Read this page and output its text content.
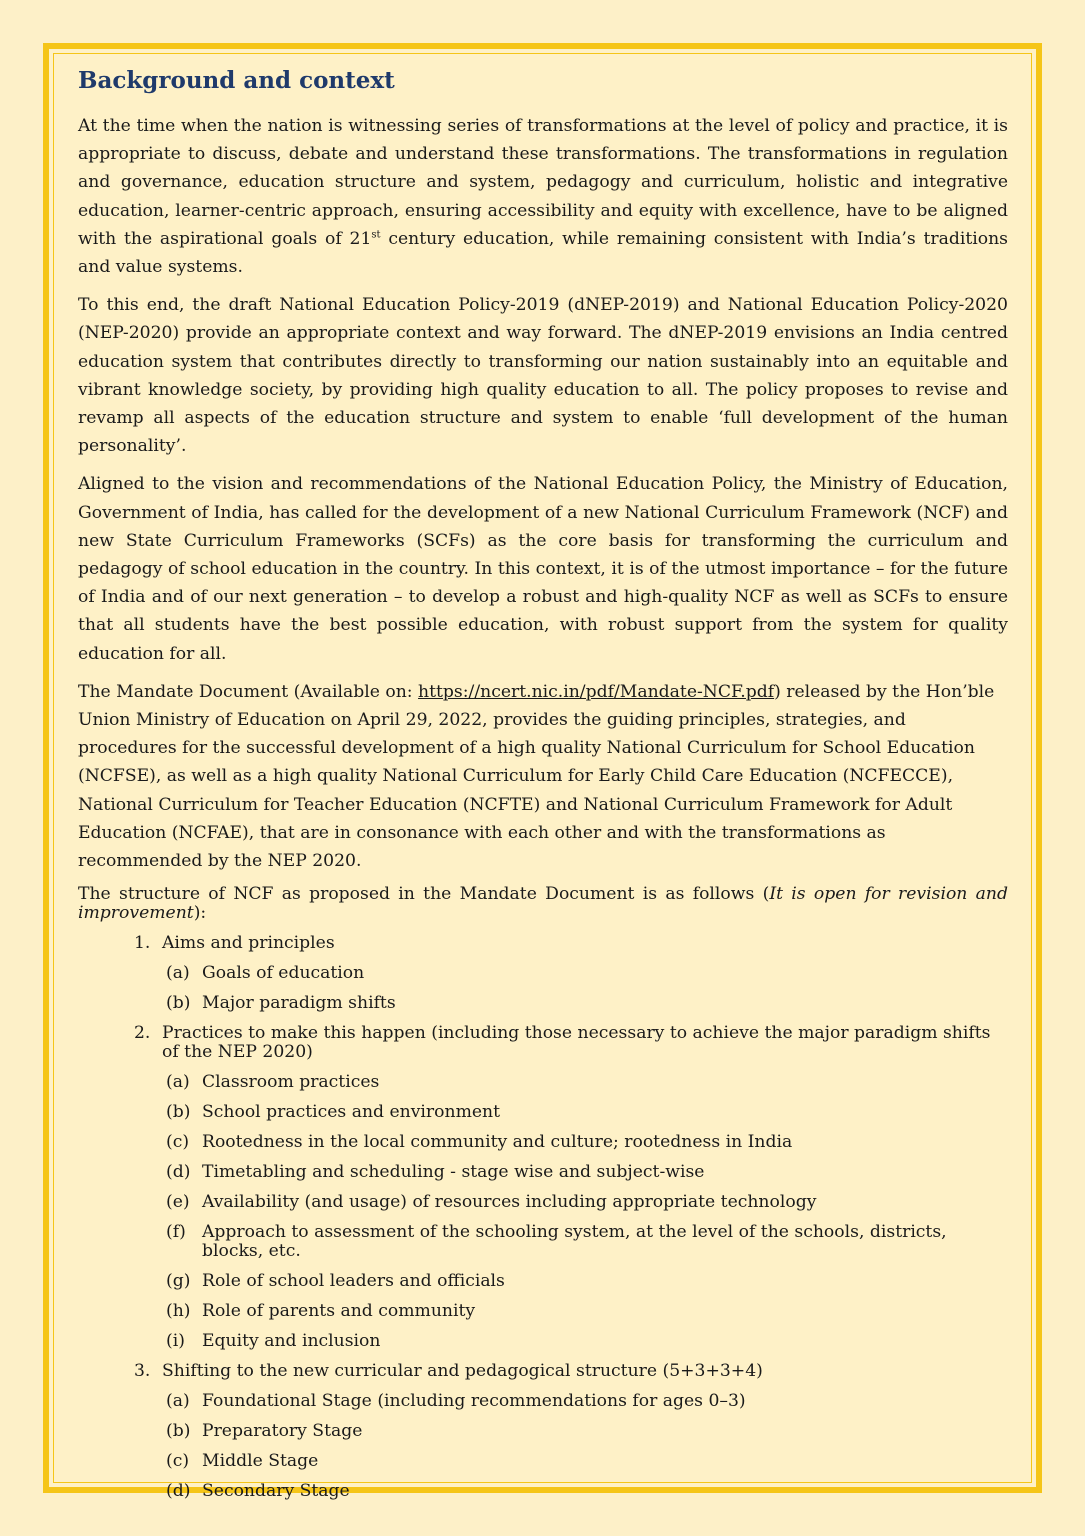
Background and context

At the time when the nation is witnessing series of transformations at the level of policy and practice, it is appropriate to discuss, debate and understand these transformations. The transformations in regulation and governance, education structure and system, pedagogy and curriculum, holistic and integrative education, learner-centric approach, ensuring accessibility and equity with excellence, have to be aligned with the aspirational goals of 21st century education, while remaining consistent with India’s traditions and value systems.

To this end, the draft National Education Policy-2019 (dNEP-2019) and National Education Policy-2020 (NEP-2020) provide an appropriate context and way forward. The dNEP-2019 envisions an India centred education system that contributes directly to transforming our nation sustainably into an equitable and vibrant knowledge society, by providing high quality education to all. The policy proposes to revise and revamp all aspects of the education structure and system to enable ‘full development of the human personality’.

Aligned to the vision and recommendations of the National Education Policy, the Ministry of Education, Government of India, has called for the development of a new National Curriculum Framework (NCF) and new State Curriculum Frameworks (SCFs) as the core basis for transforming the curriculum and pedagogy of school education in the country. In this context, it is of the utmost importance – for the future of India and of our next generation – to develop a robust and high-quality NCF as well as SCFs to ensure that all students have the best possible education, with robust support from the system for quality education for all.

The Mandate Document (Available on: https://ncert.nic.in/pdf/Mandate-NCF.pdf) released by the Hon’ble Union Ministry of Education on April 29, 2022, provides the guiding principles, strategies, and procedures for the successful development of a high quality National Curriculum for School Education (NCFSE), as well as a high quality National Curriculum for Early Child Care Education (NCFECCE), National Curriculum for Teacher Education (NCFTE) and National Curriculum Framework for Adult Education (NCFAE), that are in consonance with each other and with the transformations as recommended by the NEP 2020.

The structure of NCF as proposed in the Mandate Document is as follows (It is open for revision and improvement):

1. Aims and principles
(a) Goals of education
(b) Major paradigm shifts
2. Practices to make this happen (including those necessary to achieve the major paradigm shifts of the NEP 2020)
(a) Classroom practices
(b) School practices and environment
(c) Rootedness in the local community and culture; rootedness in India
(d) Timetabling and scheduling - stage wise and subject-wise
(e) Availability (and usage) of resources including appropriate technology
(f) Approach to assessment of the schooling system, at the level of the schools, districts, blocks, etc.
(g) Role of school leaders and officials
(h) Role of parents and community
(i) Equity and inclusion
3. Shifting to the new curricular and pedagogical structure (5+3+3+4)
(a) Foundational Stage (including recommendations for ages 0–3)
(b) Preparatory Stage
(c) Middle Stage
(d) Secondary Stage
